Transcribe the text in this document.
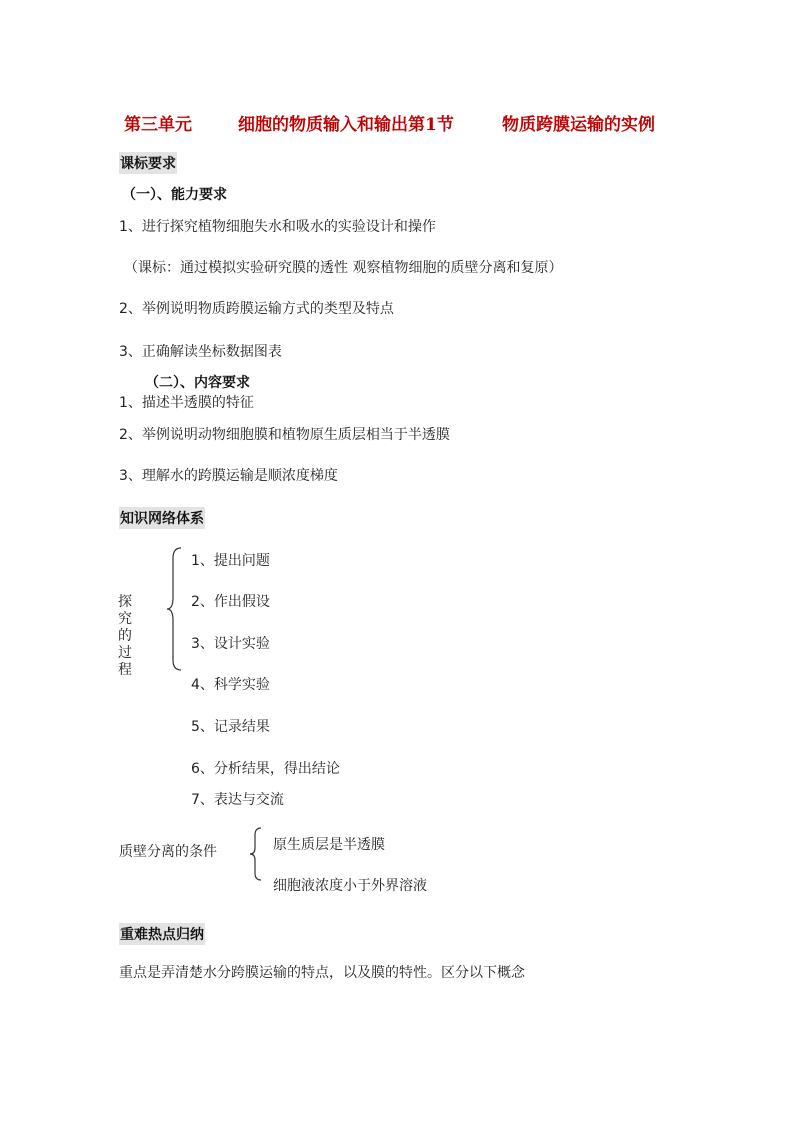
第三单元	细胞的物质输入和输出第1节	物质跨膜运输的实例
课标要求
（一）、能力要求
1、进行探究植物细胞失水和吸水的实验设计和操作
（课标：通过模拟实验研究膜的透性 观察植物细胞的质壁分离和复原）
2、举例说明物质跨膜运输方式的类型及特点
3、正确解读坐标数据图表
（二）、内容要求
1、描述半透膜的特征
2、举例说明动物细胞膜和植物原生质层相当于半透膜
3、理解水的跨膜运输是顺浓度梯度
知识网络体系
探究的过程
1、提出问题
2、作出假设
3、设计实验
4、科学实验
5、记录结果
6、分析结果，得出结论
7、表达与交流
质壁分离的条件	原生质层是半透膜
细胞液浓度小于外界溶液
重难热点归纳
重点是弄清楚水分跨膜运输的特点，以及膜的特性。区分以下概念
